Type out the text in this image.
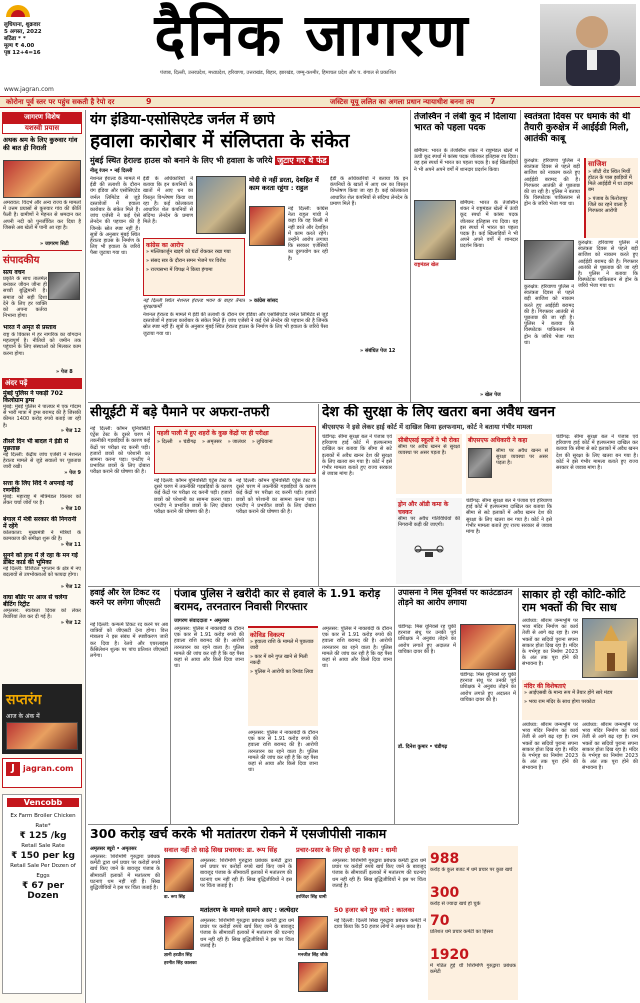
लुधियाना, शुक्रवार
5 अगस्त, 2022
बठिंडा * *
मूल्य ₹ 4.00
पृष्ठ 12+4=16	दैनिक जागरण
पंजाब, दिल्ली, उत्तरप्रदेश, मध्यप्रदेश, हरियाणा, उत्तराखंड, बिहार, झारखंड, जम्मू-कश्मीर, हिमाचल प्रदेश और प. बंगाल से प्रकाशित
www.jagran.com
कोरोना पूर्व स्तर पर पहुंच सकती है रेपो दर	9	जस्टिस यूयू ललित का अगला प्रधान न्यायाधीश बनना तय 7
जागरण विशेष
यशस्वी प्रयास
अथक श्रम के लिए कुरुवार गांव की बात ही निराली
अमरावत: विदर्भ और अन्य राज्य के मामलों में उत्तम प्रयासों से कुरुवार गांव की कीर्ति फैली है। ग्रामीणों ने मेहनत से श्रमदान कर अपनी नदी को पुनर्जीवित कर दिया है जिससे अब खेतों में पानी आ रहा है।
» जागरण सिटी
संपादकीय
सत्य वचन
प्रकृति के साथ तालमेल बनाकर जीवन जीना ही सच्ची बुद्धिमानी है। समाज को सही दिशा देने के लिए हर व्यक्ति को अपना कर्तव्य निभाना होगा।
भारत ने अमृत से प्रस्ताव
राष्ट्र के विकास में हर नागरिक का योगदान महत्वपूर्ण है। नीतियों को जमीन तक पहुंचाने के लिए संस्थाओं को मिलकर काम करना होगा।
» पेज 8
अंदर पढ़ें
मुंबई पुलिस ने पकड़ी 702 किलोग्राम ड्रग्स
मुंबई: मुंबई पुलिस ने पालघर में एक गोदाम से भारी मात्रा में ड्रग्स बरामद की है जिसकी कीमत 1400 करोड़ रुपये बताई जा रही है।
» पेज 12
तीसरे दिन भी बादल ने ईडी से पूछताछ
नई दिल्ली: केंद्रीय जांच एजेंसी ने नेशनल हेराल्ड मामले से जुड़े सवालों पर पूछताछ जारी रखी।
» पेज 9
सत्ता के लिए शिंदे ने अपनाई नई रणनीति
मुंबई: महाराष्ट्र में मंत्रिमंडल विस्तार को लेकर चर्चा जोरों पर है।
» पेज 10
बंगाल में मंत्री सरकार की निगरानी में रहेंगे
कोलकाता: मुख्यमंत्री ने मंत्रियों के कामकाज की समीक्षा शुरू की है।
» पेज 11
सुनने को हाथ में ले रहा के मन गई डेबिट कार्ड की भूमिका
नई दिल्ली: डिजिटल भुगतान के क्षेत्र में नए बदलावों से उपभोक्ताओं को फायदा होगा।
» पेज 12
वाघा बॉर्डर पर आज से चलेगा बीटिंग रिट्रीट
अमृतसर: स्वतंत्रता दिवस को लेकर तैयारियां तेज कर दी गई हैं।
» पेज 12
सप्तरंग
आज के अंक में
J	jagran.com
Vencobb
Ex Farm Broiler Chicken Rate*
₹ 125 /kg
Retail Sale Rate
₹ 150 per kg
Retail Sale Per Dozen of Eggs
₹ 67 per Dozen
यंग इंडिया-एसोसिएटेड जर्नल में छापे
हवाला कारोबार में संलिप्तता के संकेत
मुंबई स्थित हेराल्ड हाउस को बनाने के लिए भी हवाला के जरिये जुटाए गए थे फंड
नीलू रंजन • नई दिल्ली
नेशनल हेराल्ड के मामले में ईडी की तलाशी के दौरान यंग इंडिया और एसोसिएटेड जर्नल लिमिटेड से जुड़े दस्तावेजों में हवाला कारोबार के संकेत मिले हैं। जांच एजेंसी ने कई ऐसे लेनदेन की पहचान की है जिनके स्रोत स्पष्ट नहीं हैं। सूत्रों के अनुसार मुंबई स्थित हेराल्ड हाउस के निर्माण के लिए भी हवाला के जरिये पैसा जुटाया गया था।
ईडी के अधिकारियों ने बताया कि इन कंपनियों के खातों में आए धन का विस्तृत विश्लेषण किया जा रहा है। कई कोलकाता आधारित शेल कंपनियों से संदिग्ध लेनदेन के प्रमाण मिले हैं।
कांग्रेस का आरोप
» मल्लिकार्जुन खड़गे को घंटों रोककर रखा गया
» संसद सत्र के दौरान समन भेजने पर विरोध
» राज्यसभा में विपक्ष ने किया हंगामा
मोदी से नहीं डरता, देशहित में काम करता रहूंगा : राहुल
नई दिल्ली: कांग्रेस नेता राहुल गांधी ने कहा कि वह किसी से नहीं डरते और देशहित में काम करते रहेंगे। उन्होंने आरोप लगाया कि सरकार एजेंसियों का दुरुपयोग कर रही है।
नई दिल्ली स्थित नेशनल हेराल्ड भवन के बाहर तैनात सुरक्षाकर्मी
नेशनल हेराल्ड के मामले में ईडी की तलाशी के दौरान यंग इंडिया और एसोसिएटेड जर्नल लिमिटेड से जुड़े दस्तावेजों में हवाला कारोबार के संकेत मिले हैं। जांच एजेंसी ने कई ऐसे लेनदेन की पहचान की है जिनके स्रोत स्पष्ट नहीं हैं। सूत्रों के अनुसार मुंबई स्थित हेराल्ड हाउस के निर्माण के लिए भी हवाला के जरिये पैसा जुटाया गया था।
» कांग्रेस सांसद
ईडी के अधिकारियों ने बताया कि इन कंपनियों के खातों में आए धन का विस्तृत विश्लेषण किया जा रहा है। कई कोलकाता आधारित शेल कंपनियों से संदिग्ध लेनदेन के प्रमाण मिले हैं।
» संबंधित पेज 12
तेजस्विन ने लंबी कूद में दिलाया भारत को पहला पदक
राष्ट्रमंडल खेल
बर्मिंघम: भारत के तेजस्विन शंकर ने राष्ट्रमंडल खेलों में ऊंची कूद स्पर्धा में कांस्य पदक जीतकर इतिहास रच दिया। यह इस स्पर्धा में भारत का पहला पदक है। कई खिलाड़ियों ने भी अपने अपने वर्गों में शानदार प्रदर्शन किया।
बर्मिंघम: भारत के तेजस्विन शंकर ने राष्ट्रमंडल खेलों में ऊंची कूद स्पर्धा में कांस्य पदक जीतकर इतिहास रच दिया। यह इस स्पर्धा में भारत का पहला पदक है। कई खिलाड़ियों ने भी अपने अपने वर्गों में शानदार प्रदर्शन किया।
» खेल पेज
स्वतंत्रता दिवस पर धमाके की थी तैयारी कुरुक्षेत्र में आईईडी मिली, आतंकी काबू
कुरुक्षेत्र: हरियाणा पुलिस ने स्वतंत्रता दिवस से पहले बड़ी साजिश को नाकाम करते हुए आईईडी बरामद की है। गिरफ्तार आतंकी से पूछताछ की जा रही है। पुलिस ने बताया कि विस्फोटक पाकिस्तान से ड्रोन के जरिये भेजा गया था।
साजिश
» जीटी रोड स्थित मिर्ची होटल के पास झाड़ियों में मिले आईईडी में था टाइम बम
» पंजाब के फिरोजपुर जिले का रहने वाला है गिरफ्तार आरोपी
कुरुक्षेत्र: हरियाणा पुलिस ने स्वतंत्रता दिवस से पहले बड़ी साजिश को नाकाम करते हुए आईईडी बरामद की है। गिरफ्तार आतंकी से पूछताछ की जा रही है। पुलिस ने बताया कि विस्फोटक पाकिस्तान से ड्रोन के जरिये भेजा गया था।
कुरुक्षेत्र: हरियाणा पुलिस ने स्वतंत्रता दिवस से पहले बड़ी साजिश को नाकाम करते हुए आईईडी बरामद की है। गिरफ्तार आतंकी से पूछताछ की जा रही है। पुलिस ने बताया कि विस्फोटक पाकिस्तान से ड्रोन के जरिये भेजा गया था।
सीयूईटी में बड़े पैमाने पर अफरा-तफरी
नई दिल्ली: कॉमन यूनिवर्सिटी एंट्रेंस टेस्ट के दूसरे चरण में तकनीकी गड़बड़ियों के कारण कई केंद्रों पर परीक्षा रद करनी पड़ी। हजारों छात्रों को परेशानी का सामना करना पड़ा। एनटीए ने प्रभावित छात्रों के लिए दोबारा परीक्षा कराने की घोषणा की है।
पहली पाली में हुए शहरों के कुछ केंद्रों पर ही परीक्षा
» दिल्ली » चंडीगढ़ » अमृतसर » जालंधर » लुधियाना
नई दिल्ली: कॉमन यूनिवर्सिटी एंट्रेंस टेस्ट के दूसरे चरण में तकनीकी गड़बड़ियों के कारण कई केंद्रों पर परीक्षा रद करनी पड़ी। हजारों छात्रों को परेशानी का सामना करना पड़ा। एनटीए ने प्रभावित छात्रों के लिए दोबारा परीक्षा कराने की घोषणा की है।
नई दिल्ली: कॉमन यूनिवर्सिटी एंट्रेंस टेस्ट के दूसरे चरण में तकनीकी गड़बड़ियों के कारण कई केंद्रों पर परीक्षा रद करनी पड़ी। हजारों छात्रों को परेशानी का सामना करना पड़ा। एनटीए ने प्रभावित छात्रों के लिए दोबारा परीक्षा कराने की घोषणा की है।
देश की सुरक्षा के लिए खतरा बना अवैध खनन
बीएसएफ ने इसे लेकर हाई कोर्ट में दाखिल किया हलफनामा, कोर्ट ने बताया गंभीर मामला
चंडीगढ़: सीमा सुरक्षा बल ने पंजाब एवं हरियाणा हाई कोर्ट में हलफनामा दाखिल कर बताया कि सीमा से सटे इलाकों में अवैध खनन देश की सुरक्षा के लिए खतरा बन गया है। कोर्ट ने इसे गंभीर मामला बताते हुए राज्य सरकार से जवाब मांगा है।
सीबीएसई स्कूलों ने भी रोका
सीमा पर अवैध खनन से सुरक्षा व्यवस्था पर असर पड़ता है।
ड्रोन और ऑडी कमा के चक्कर
सीमा पर अवैध गतिविधियों की निगरानी कड़ी की जाएगी।
बीएसएफ अधिकारी ने कहा
सीमा पर अवैध खनन से सुरक्षा व्यवस्था पर असर पड़ता है।
चंडीगढ़: सीमा सुरक्षा बल ने पंजाब एवं हरियाणा हाई कोर्ट में हलफनामा दाखिल कर बताया कि सीमा से सटे इलाकों में अवैध खनन देश की सुरक्षा के लिए खतरा बन गया है। कोर्ट ने इसे गंभीर मामला बताते हुए राज्य सरकार से जवाब मांगा है।
चंडीगढ़: सीमा सुरक्षा बल ने पंजाब एवं हरियाणा हाई कोर्ट में हलफनामा दाखिल कर बताया कि सीमा से सटे इलाकों में अवैध खनन देश की सुरक्षा के लिए खतरा बन गया है। कोर्ट ने इसे गंभीर मामला बताते हुए राज्य सरकार से जवाब मांगा है।
हवाई और रेल टिकट रद करने पर लगेगा जीएसटी
नई दिल्ली: कन्फर्म टिकट रद करने पर अब यात्रियों को जीएसटी देना होगा। वित्त मंत्रालय ने इस संबंध में स्पष्टीकरण जारी कर दिया है। रेलवे और एयरलाइंस कैंसिलेशन शुल्क पर पांच प्रतिशत जीएसटी लगेगा।
पंजाब पुलिस ने खरीदी कार से हवाले के 1.91 करोड़ बरामद, तरनतारन निवासी गिरफ्तार
जागरण संवाददाता • अमृतसर
अमृतसर: पुलिस ने नाकाबंदी के दौरान एक कार से 1.91 करोड़ रुपये की हवाला राशि बरामद की है। आरोपी तरनतारन का रहने वाला है। पुलिस मामले की जांच कर रही है कि यह पैसा कहां से आया और किसे दिया जाना था।
कोविड विकल्प
» हवाला राशि के मामले में पूछताछ जारी
» कार में बने गुप्त खाने से मिली नकदी
» पुलिस ने आरोपी का रिमांड लिया
अमृतसर: पुलिस ने नाकाबंदी के दौरान एक कार से 1.91 करोड़ रुपये की हवाला राशि बरामद की है। आरोपी तरनतारन का रहने वाला है। पुलिस मामले की जांच कर रही है कि यह पैसा कहां से आया और किसे दिया जाना था।
अमृतसर: पुलिस ने नाकाबंदी के दौरान एक कार से 1.91 करोड़ रुपये की हवाला राशि बरामद की है। आरोपी तरनतारन का रहने वाला है। पुलिस मामले की जांच कर रही है कि यह पैसा कहां से आया और किसे दिया जाना था।
उपासना ने मिस यूनिवर्स पर काउंटडाउन तोड़ने का आरोप लगाया
चंडीगढ़: मिस यूनिवर्स रह चुकी हरनाज संधू पर उनकी पूर्व प्रशिक्षक ने अनुबंध तोड़ने का आरोप लगाते हुए अदालत में याचिका दायर की है।
चंडीगढ़: मिस यूनिवर्स रह चुकी हरनाज संधू पर उनकी पूर्व प्रशिक्षक ने अनुबंध तोड़ने का आरोप लगाते हुए अदालत में याचिका दायर की है।
डॉ. दिनेश कुमार • चंडीगढ़
साकार हो रही कोटि-कोटि राम भक्तों की चिर साध
अयोध्या: श्रीराम जन्मभूमि पर भव्य मंदिर निर्माण का कार्य तेजी से आगे बढ़ रहा है। राम भक्तों का सदियों पुराना सपना साकार होता दिख रहा है। मंदिर के गर्भगृह का निर्माण 2023 के अंत तक पूरा होने की संभावना है।
मंदिर की विशेषताएं
» आईएसबी के मान्य रूप में तैयार होंगे सारे मंडप
» भव्य राम मंदिर के साथ होगा परकोटा
अयोध्या: श्रीराम जन्मभूमि पर भव्य मंदिर निर्माण का कार्य तेजी से आगे बढ़ रहा है। राम भक्तों का सदियों पुराना सपना साकार होता दिख रहा है। मंदिर के गर्भगृह का निर्माण 2023 के अंत तक पूरा होने की संभावना है।
अयोध्या: श्रीराम जन्मभूमि पर भव्य मंदिर निर्माण का कार्य तेजी से आगे बढ़ रहा है। राम भक्तों का सदियों पुराना सपना साकार होता दिख रहा है। मंदिर के गर्भगृह का निर्माण 2023 के अंत तक पूरा होने की संभावना है।
300 करोड़ खर्च करके भी मतांतरण रोकने में एसजीपीसी नाकाम
अमृतसर ब्यूरो • अमृतसर
अमृतसर: शिरोमणि गुरुद्वारा प्रबंधक कमेटी द्वारा धर्म प्रचार पर करोड़ों रुपये खर्च किए जाने के बावजूद पंजाब के सीमावर्ती इलाकों में मतांतरण की घटनाएं थम नहीं रही हैं। सिख बुद्धिजीवियों ने इस पर चिंता जताई है।
सवाल नहीं तो साढ़े सिख प्रचारक: डा. रूप सिंह	प्रचार-प्रसार के लिए हो रहा है काम : धामी
डा. रूप सिंह
अमृतसर: शिरोमणि गुरुद्वारा प्रबंधक कमेटी द्वारा धर्म प्रचार पर करोड़ों रुपये खर्च किए जाने के बावजूद पंजाब के सीमावर्ती इलाकों में मतांतरण की घटनाएं थम नहीं रही हैं। सिख बुद्धिजीवियों ने इस पर चिंता जताई है।
हरजिंदर सिंह धामी
अमृतसर: शिरोमणि गुरुद्वारा प्रबंधक कमेटी द्वारा धर्म प्रचार पर करोड़ों रुपये खर्च किए जाने के बावजूद पंजाब के सीमावर्ती इलाकों में मतांतरण की घटनाएं थम नहीं रही हैं। सिख बुद्धिजीवियों ने इस पर चिंता जताई है।
मतांतरण के मामले सामने आए : जत्थेदार
ज्ञानी हरप्रीत सिंह
अमृतसर: शिरोमणि गुरुद्वारा प्रबंधक कमेटी द्वारा धर्म प्रचार पर करोड़ों रुपये खर्च किए जाने के बावजूद पंजाब के सीमावर्ती इलाकों में मतांतरण की घटनाएं थम नहीं रही हैं। सिख बुद्धिजीवियों ने इस पर चिंता जताई है।
मनजीत सिंह जीके
50 हजार बने गुरु वाले : कालका
नई दिल्ली: दिल्ली सिख गुरुद्वारा प्रबंधक कमेटी ने दावा किया कि 50 हजार लोगों ने अमृत छका है।
हरमीत सिंह कालका
988
करोड़ के कुल बजट में धर्म प्रचार पर कुछ खर्च
300
करोड़ से ज्यादा खर्च हो चुके
70
प्रतिशत धर्म प्रचार कमेटी का हिस्सा
1920
में गठित हुई थी शिरोमणि गुरुद्वारा प्रबंधक कमेटी
